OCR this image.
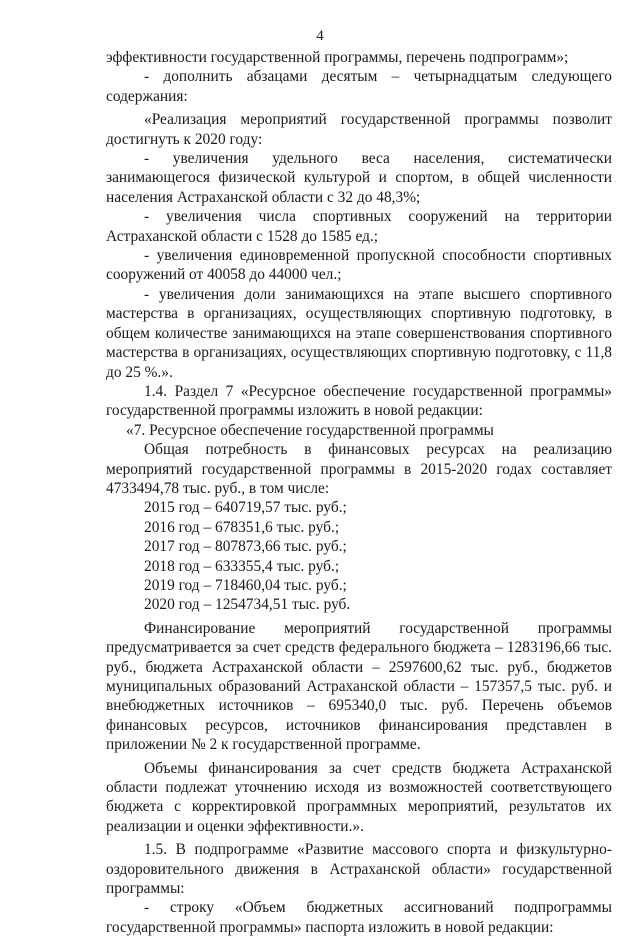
4

эффективности государственной программы, перечень подпрограмм»;

- дополнить абзацами десятым – четырнадцатым следующего содержания:

«Реализация мероприятий государственной программы позволит достигнуть к 2020 году:

- увеличения удельного веса населения, систематически занимающегося физической культурой и спортом, в общей численности населения Астраханской области с 32 до 48,3%;

- увеличения числа спортивных сооружений на территории Астраханской области с 1528 до 1585 ед.;

- увеличения единовременной пропускной способности спортивных сооружений от 40058 до 44000 чел.;

- увеличения доли занимающихся на этапе высшего спортивного мастерства в организациях, осуществляющих спортивную подготовку, в общем количестве занимающихся на этапе совершенствования спортивного мастерства в организациях, осуществляющих спортивную подготовку, с 11,8 до 25 %.».

1.4. Раздел 7 «Ресурсное обеспечение государственной программы» государственной программы изложить в новой редакции:

«7. Ресурсное обеспечение государственной программы

Общая потребность в финансовых ресурсах на реализацию мероприятий государственной программы в 2015-2020 годах составляет 4733494,78 тыс. руб., в том числе:

2015 год – 640719,57 тыс. руб.;

2016 год – 678351,6 тыс. руб.;

2017 год – 807873,66 тыс. руб.;

2018 год – 633355,4 тыс. руб.;

2019 год – 718460,04 тыс. руб.;

2020 год – 1254734,51 тыс. руб.

Финансирование мероприятий государственной программы предусматривается за счет средств федерального бюджета – 1283196,66 тыс. руб., бюджета Астраханской области – 2597600,62 тыс. руб., бюджетов муниципальных образований Астраханской области – 157357,5 тыс. руб. и внебюджетных источников – 695340,0 тыс. руб. Перечень объемов финансовых ресурсов, источников финансирования представлен в приложении № 2 к государственной программе.

Объемы финансирования за счет средств бюджета Астраханской области подлежат уточнению исходя из возможностей соответствующего бюджета с корректировкой программных мероприятий, результатов их реализации и оценки эффективности.».

1.5. В подпрограмме «Развитие массового спорта и физкультурно-оздоровительного движения в Астраханской области» государственной программы:

- строку «Объем бюджетных ассигнований подпрограммы государственной программы» паспорта изложить в новой редакции:
